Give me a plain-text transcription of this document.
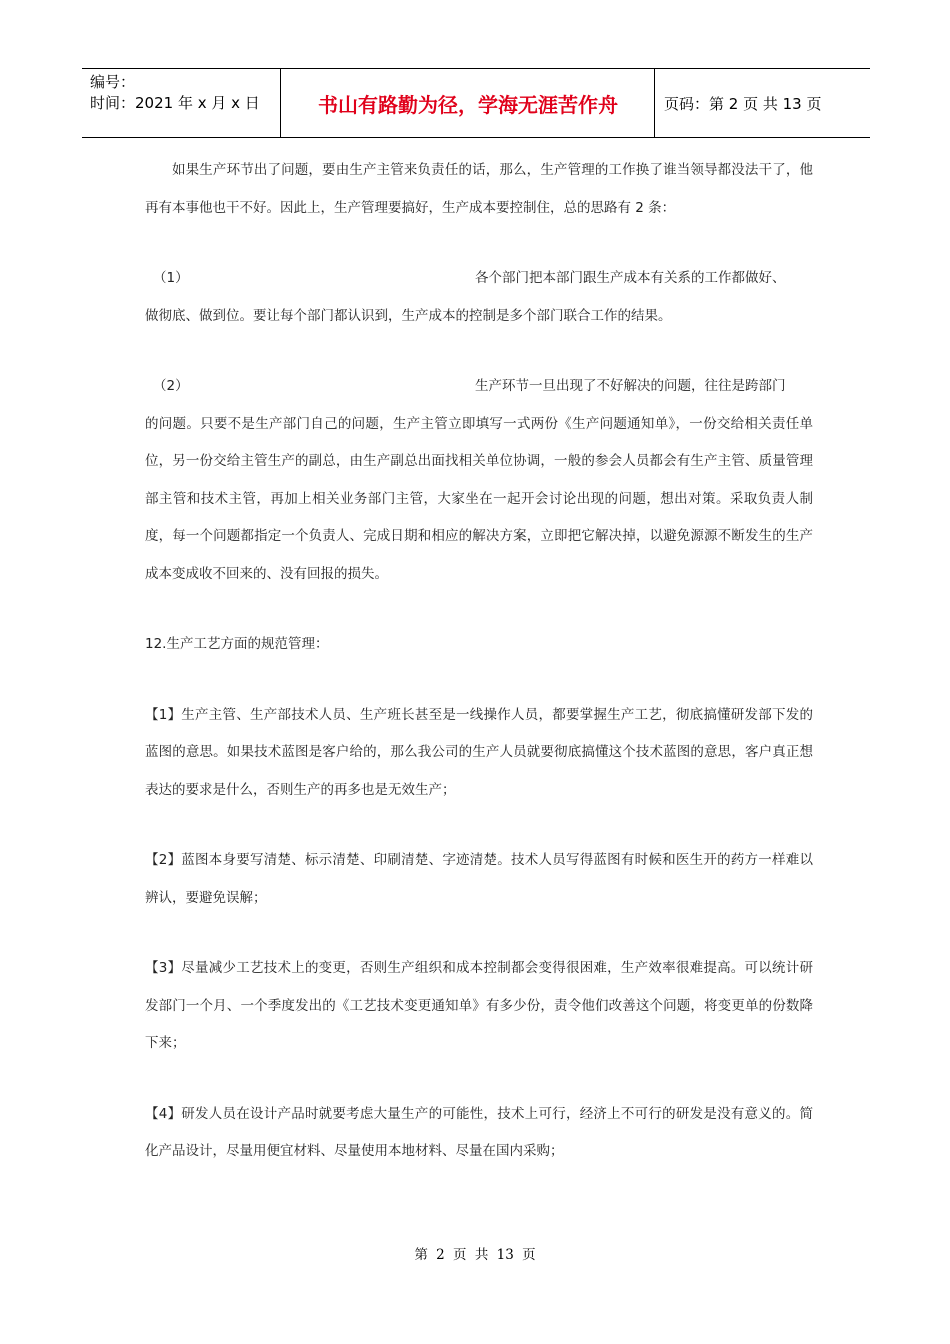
编号：
时间：2021 年 x 月 x 日	书山有路勤为径，学海无涯苦作舟	页码：第 2 页 共 13 页

如果生产环节出了问题，要由生产主管来负责任的话，那么，生产管理的工作换了谁当领导都没法干了，他再有本事他也干不好。因此上，生产管理要搞好，生产成本要控制住，总的思路有 2 条：

（1）	各个部门把本部门跟生产成本有关系的工作都做好、

做彻底、做到位。要让每个部门都认识到，生产成本的控制是多个部门联合工作的结果。

（2）	生产环节一旦出现了不好解决的问题，往往是跨部门

的问题。只要不是生产部门自己的问题，生产主管立即填写一式两份《生产问题通知单》，一份交给相关责任单位，另一份交给主管生产的副总，由生产副总出面找相关单位协调，一般的参会人员都会有生产主管、质量管理部主管和技术主管，再加上相关业务部门主管，大家坐在一起开会讨论出现的问题，想出对策。采取负责人制度，每一个问题都指定一个负责人、完成日期和相应的解决方案，立即把它解决掉，以避免源源不断发生的生产成本变成收不回来的、没有回报的损失。

12.生产工艺方面的规范管理：

【1】生产主管、生产部技术人员、生产班长甚至是一线操作人员，都要掌握生产工艺，彻底搞懂研发部下发的蓝图的意思。如果技术蓝图是客户给的，那么我公司的生产人员就要彻底搞懂这个技术蓝图的意思，客户真正想表达的要求是什么，否则生产的再多也是无效生产；

【2】蓝图本身要写清楚、标示清楚、印刷清楚、字迹清楚。技术人员写得蓝图有时候和医生开的药方一样难以辨认，要避免误解；

【3】尽量减少工艺技术上的变更，否则生产组织和成本控制都会变得很困难，生产效率很难提高。可以统计研发部门一个月、一个季度发出的《工艺技术变更通知单》有多少份，责令他们改善这个问题，将变更单的份数降下来；

【4】研发人员在设计产品时就要考虑大量生产的可能性，技术上可行，经济上不可行的研发是没有意义的。简化产品设计，尽量用便宜材料、尽量使用本地材料、尽量在国内采购；

第 2 页 共 13 页
